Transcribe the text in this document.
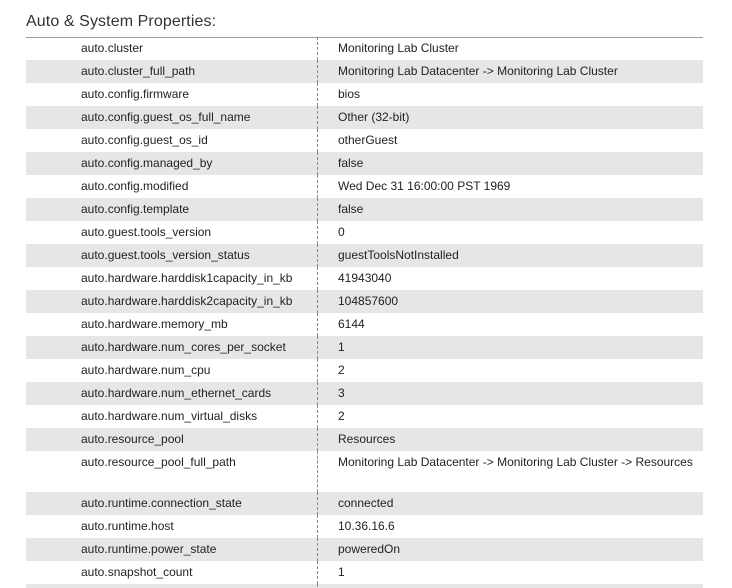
Auto & System Properties:
auto.cluster	Monitoring Lab Cluster
auto.cluster_full_path	Monitoring Lab Datacenter -> Monitoring Lab Cluster
auto.config.firmware	bios
auto.config.guest_os_full_name	Other (32-bit)
auto.config.guest_os_id	otherGuest
auto.config.managed_by	false
auto.config.modified	Wed Dec 31 16:00:00 PST 1969
auto.config.template	false
auto.guest.tools_version	0
auto.guest.tools_version_status	guestToolsNotInstalled
auto.hardware.harddisk1capacity_in_kb	41943040
auto.hardware.harddisk2capacity_in_kb	104857600
auto.hardware.memory_mb	6144
auto.hardware.num_cores_per_socket	1
auto.hardware.num_cpu	2
auto.hardware.num_ethernet_cards	3
auto.hardware.num_virtual_disks	2
auto.resource_pool	Resources
auto.resource_pool_full_path	Monitoring Lab Datacenter -> Monitoring Lab Cluster -> Resources
auto.runtime.connection_state	connected
auto.runtime.host	10.36.16.6
auto.runtime.power_state	poweredOn
auto.snapshot_count	1
